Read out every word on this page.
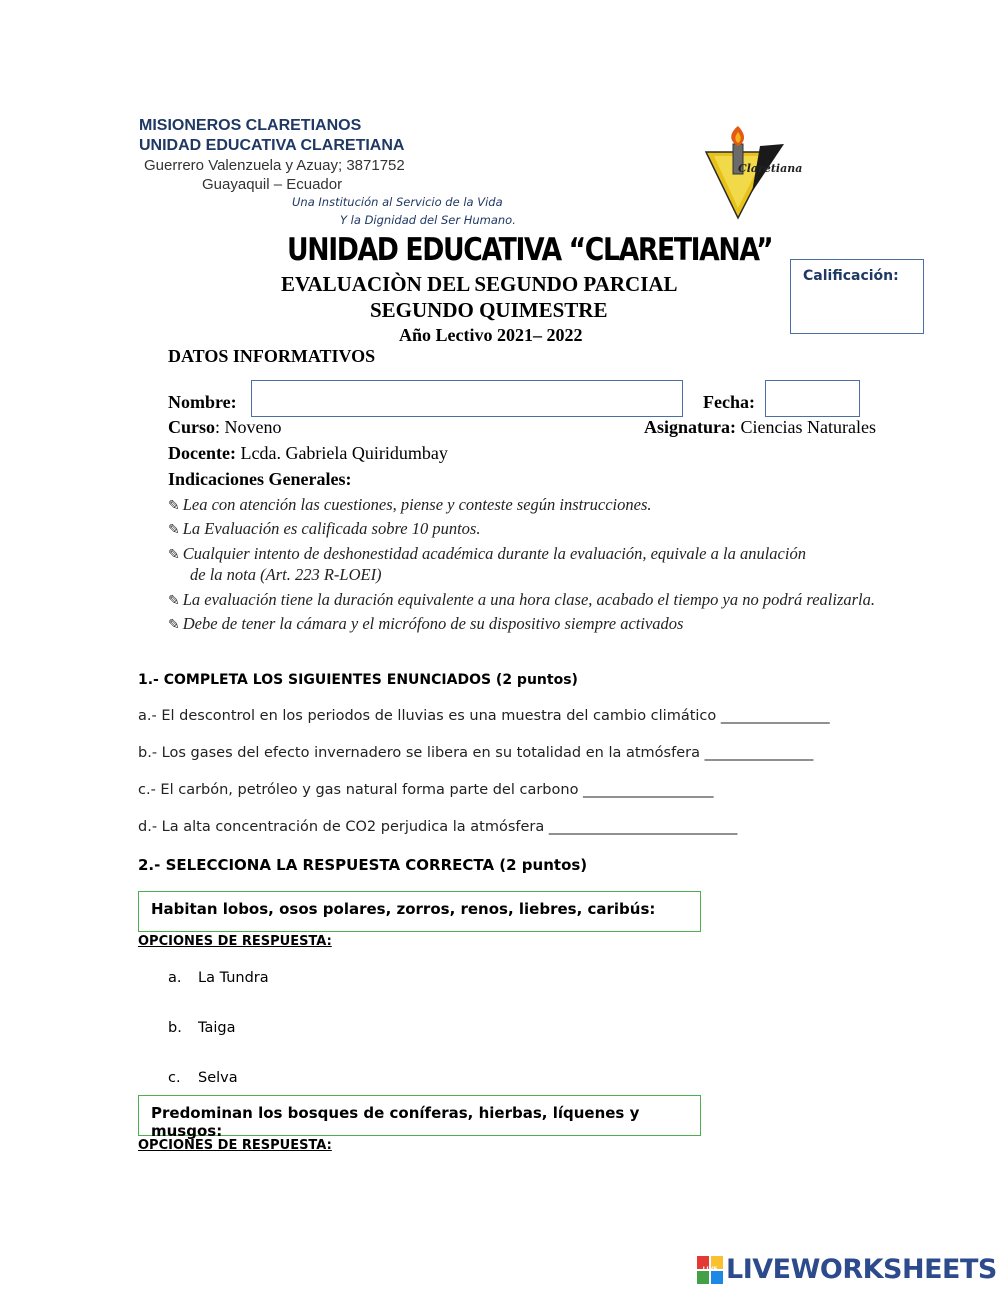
MISIONEROS CLARETIANOS
UNIDAD EDUCATIVA CLARETIANA
Guerrero Valenzuela y Azuay; 3871752
Guayaquil – Ecuador
Una Institución al Servicio de la Vida
Y la Dignidad del Ser Humano.
Claretiana
UNIDAD EDUCATIVA “CLARETIANA”
EVALUACIÒN DEL SEGUNDO PARCIAL
SEGUNDO QUIMESTRE
Año Lectivo 2021– 2022
Calificación:
DATOS INFORMATIVOS
Nombre:	Fecha:
Curso: Noveno	Asignatura: Ciencias Naturales
Docente: Lcda. Gabriela Quiridumbay
Indicaciones Generales:
✎ Lea con atención las cuestiones, piense y conteste según instrucciones.
✎ La Evaluación es calificada sobre 10 puntos.
✎ Cualquier intento de deshonestidad académica durante la evaluación, equivale a la anulación
de la nota (Art. 223 R-LOEI)
✎ La evaluación tiene la duración equivalente a una hora clase, acabado el tiempo ya no podrá realizarla.
✎ Debe de tener la cámara y el micrófono de su dispositivo siempre activados
1.- COMPLETA LOS SIGUIENTES ENUNCIADOS (2 puntos)
a.- El descontrol en los periodos de lluvias es una muestra del cambio climático _______________
b.- Los gases del efecto invernadero se libera en su totalidad en la atmósfera _______________
c.- El carbón, petróleo y gas natural forma parte del carbono __________________
d.- La alta concentración de CO2 perjudica la atmósfera __________________________
2.- SELECCIONA LA RESPUESTA CORRECTA (2 puntos)
Habitan lobos, osos polares, zorros, renos, liebres, caribús:
OPCIONES DE RESPUESTA:
a. La Tundra
b. Taiga
c. Selva
Predominan los bosques de coníferas, hierbas, líquenes y musgos:
OPCIONES DE RESPUESTA:
LIVE LIVEWORKSHEETS
